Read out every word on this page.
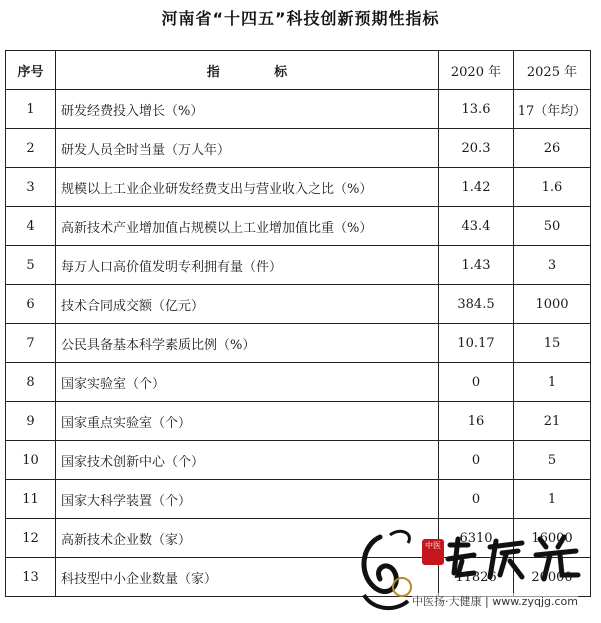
河南省“十四五”科技创新预期性指标
序号	指 标	2020 年	2025 年
1	研发经费投入增长（%）	13.6	17（年均）
2	研发人员全时当量（万人年）	20.3	26
3	规模以上工业企业研发经费支出与营业收入之比（%）	1.42	1.6
4	高新技术产业增加值占规模以上工业增加值比重（%）	43.4	50
5	每万人口高价值发明专利拥有量（件）	1.43	3
6	技术合同成交额（亿元）	384.5	1000
7	公民具备基本科学素质比例（%）	10.17	15
8	国家实验室（个）	0	1
9	国家重点实验室（个）	16	21
10	国家技术创新中心（个）	0	5
11	国家大科学装置（个）	0	1
12	高新技术企业数（家）	6310	16000
13	科技型中小企业数量（家）	11826	20000
中医
中医扬·大健康 | www.zyqjg.com
